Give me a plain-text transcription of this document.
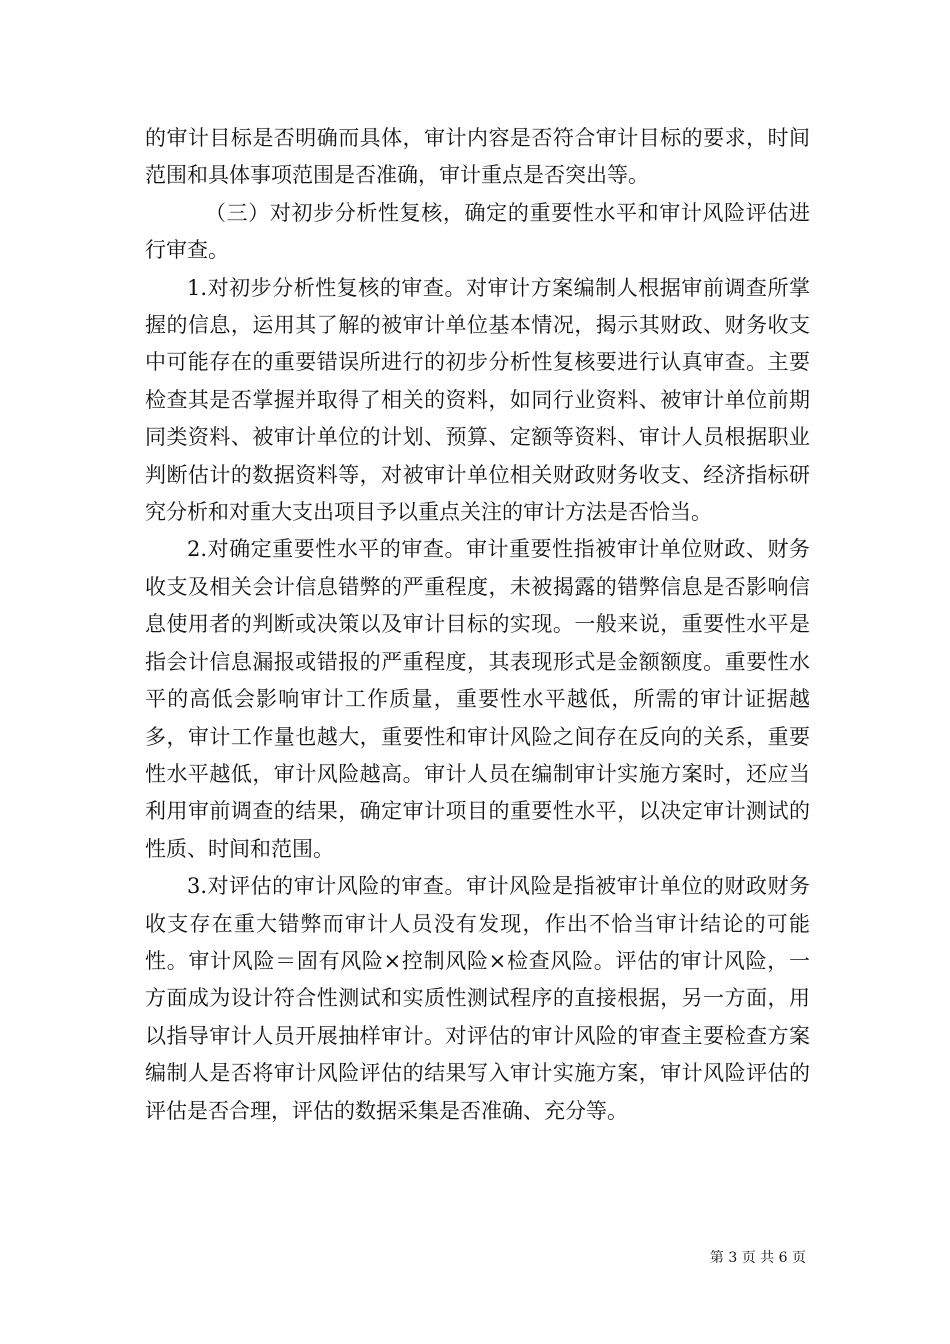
的审计目标是否明确而具体，审计内容是否符合审计目标的要求，时间范围和具体事项范围是否准确，审计重点是否突出等。

（三）对初步分析性复核，确定的重要性水平和审计风险评估进行审查。

1.对初步分析性复核的审查。对审计方案编制人根据审前调查所掌握的信息，运用其了解的被审计单位基本情况，揭示其财政、财务收支中可能存在的重要错误所进行的初步分析性复核要进行认真审查。主要检查其是否掌握并取得了相关的资料，如同行业资料、被审计单位前期同类资料、被审计单位的计划、预算、定额等资料、审计人员根据职业判断估计的数据资料等，对被审计单位相关财政财务收支、经济指标研究分析和对重大支出项目予以重点关注的审计方法是否恰当。

2.对确定重要性水平的审查。审计重要性指被审计单位财政、财务收支及相关会计信息错弊的严重程度，未被揭露的错弊信息是否影响信息使用者的判断或决策以及审计目标的实现。一般来说，重要性水平是指会计信息漏报或错报的严重程度，其表现形式是金额额度。重要性水平的高低会影响审计工作质量，重要性水平越低，所需的审计证据越多，审计工作量也越大，重要性和审计风险之间存在反向的关系，重要性水平越低，审计风险越高。审计人员在编制审计实施方案时，还应当利用审前调查的结果，确定审计项目的重要性水平，以决定审计测试的性质、时间和范围。

3.对评估的审计风险的审查。审计风险是指被审计单位的财政财务收支存在重大错弊而审计人员没有发现，作出不恰当审计结论的可能性。审计风险＝固有风险×控制风险×检查风险。评估的审计风险，一方面成为设计符合性测试和实质性测试程序的直接根据，另一方面，用以指导审计人员开展抽样审计。对评估的审计风险的审查主要检查方案编制人是否将审计风险评估的结果写入审计实施方案，审计风险评估的评估是否合理，评估的数据采集是否准确、充分等。

第 3 页 共 6 页
